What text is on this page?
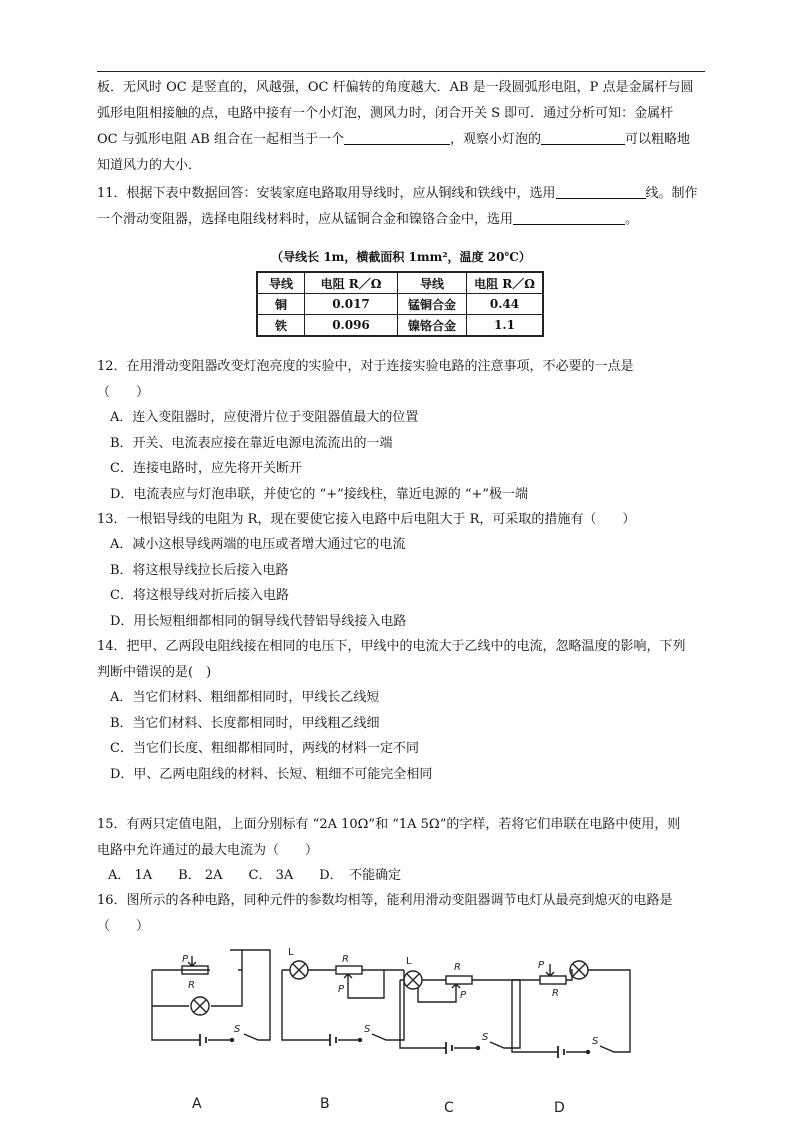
板．无风时 OC 是竖直的，风越强，OC 杆偏转的角度越大．AB 是一段圆弧形电阻，P 点是金属杆与圆
弧形电阻相接触的点，电路中接有一个小灯泡，测风力时，闭合开关 S 即可．通过分析可知：金属杆
OC 与弧形电阻 AB 组合在一起相当于一个	，观察小灯泡的	可以粗略地
知道风力的大小．
11．根据下表中数据回答：安装家庭电路取用导线时，应从铜线和铁线中，选用	线。制作
一个滑动变阻器，选择电阻线材料时，应从锰铜合金和镍铬合金中，选用	。
（导线长 1m，横截面积 1mm²，温度 20℃）
导线	电阻 R／Ω	导线	电阻 R／Ω
铜	0.017	锰铜合金	0.44
铁	0.096	镍铬合金	1.1
12．在用滑动变阻器改变灯泡亮度的实验中，对于连接实验电路的注意事项，不必要的一点是
（　　）
A．连入变阻器时，应使滑片位于变阻器值最大的位置
B．开关、电流表应接在靠近电源电流流出的一端
C．连接电路时，应先将开关断开
D．电流表应与灯泡串联，并使它的 “+”接线柱，靠近电源的 “+”极一端
13．一根铝导线的电阻为 R，现在要使它接入电路中后电阻大于 R，可采取的措施有（　　）
A．减小这根导线两端的电压或者增大通过它的电流
B．将这根导线拉长后接入电路
C．将这根导线对折后接入电路
D．用长短粗细都相同的铜导线代替铝导线接入电路
14．把甲、乙两段电阻线接在相同的电压下，甲线中的电流大于乙线中的电流，忽略温度的影响，下列
判断中错误的是(　)
A．当它们材料、粗细都相同时，甲线长乙线短
B．当它们材料、长度都相同时，甲线粗乙线细
C．当它们长度、粗细都相同时，两线的材料一定不同
D．甲、乙两电阻线的材料、长短、粗细不可能完全相同
15．有两只定值电阻，上面分别标有 “2A 10Ω”和 “1A 5Ω”的字样，若将它们串联在电路中使用，则
电路中允许通过的最大电流为（　　）
A． 1A　　B． 2A　　C． 3A　　D．　不能确定
16．图所示的各种电路，同种元件的参数均相等，能利用滑动变阻器调节电灯从最亮到熄灭的电路是
（　　）
P
R
S
A
L
R
P
S
B
L
R
P
S
C
P
R
S
D
